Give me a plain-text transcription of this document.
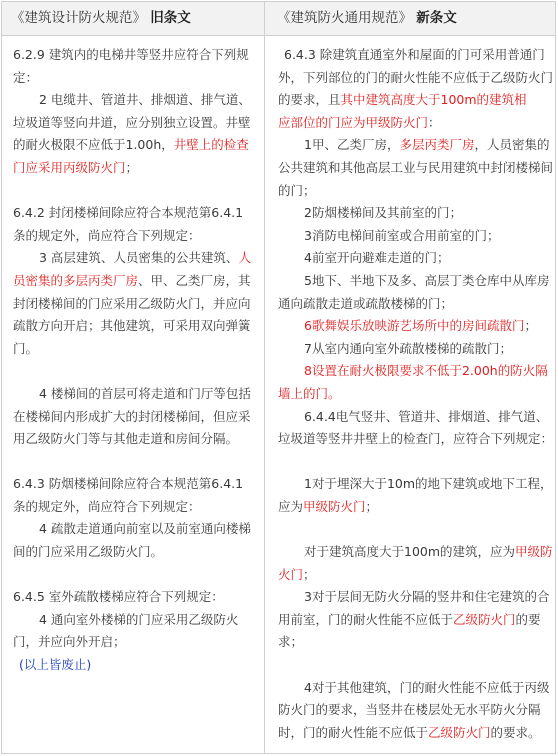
《建筑设计防火规范》 旧条文	《建筑防火通用规范》 新条文
6.2.9 建筑内的电梯井等竖井应符合下列规
定：
2 电缆井、管道井、排烟道、排气道、
垃圾道等竖向井道，应分别独立设置。井壁
的耐火极限不应低于1.00h，井壁上的检查
门应采用丙级防火门；
6.4.2 封闭楼梯间除应符合本规范第6.4.1
条的规定外，尚应符合下列规定：
3 高层建筑、人员密集的公共建筑、人
员密集的多层丙类厂房、甲、乙类厂房，其
封闭楼梯间的门应采用乙级防火门，并应向
疏散方向开启；其他建筑，可采用双向弹簧
门。
4 楼梯间的首层可将走道和门厅等包括
在楼梯间内形成扩大的封闭楼梯间，但应采
用乙级防火门等与其他走道和房间分隔。
6.4.3 防烟楼梯间除应符合本规范第6.4.1
条的规定外，尚应符合下列规定：
4 疏散走道通向前室以及前室通向楼梯
间的门应采用乙级防火门。
6.4.5 室外疏散楼梯应符合下列规定：
4 通向室外楼梯的门应采用乙级防火
门，并应向外开启；
(以上皆废止)
6.4.3 除建筑直通室外和屋面的门可采用普通门
外，下列部位的门的耐火性能不应低于乙级防火门
的要求，且其中建筑高度大于100m的建筑相
应部位的门应为甲级防火门：
1甲、乙类厂房，多层丙类厂房，人员密集的
公共建筑和其他高层工业与民用建筑中封闭楼梯间
的门；
2防烟楼梯间及其前室的门；
3消防电梯间前室或合用前室的门；
4前室开向避难走道的门；
5地下、半地下及多、高层丁类仓库中从库房
通向疏散走道或疏散楼梯的门；
6歌舞娱乐放映游艺场所中的房间疏散门；
7从室内通向室外疏散楼梯的疏散门；
8设置在耐火极限要求不低于2.00h的防火隔
墙上的门。
6.4.4电气竖井、管道井、排烟道、排气道、
垃圾道等竖井井壁上的检查门，应符合下列规定：
1对于埋深大于10m的地下建筑或地下工程，
应为甲级防火门；
对于建筑高度大于100m的建筑，应为甲级防
火门；
3对于层间无防火分隔的竖井和住宅建筑的合
用前室，门的耐火性能不应低于乙级防火门的要
求；
4对于其他建筑，门的耐火性能不应低于丙级
防火门的要求，当竖井在楼层处无水平防火分隔
时，门的耐火性能不应低于乙级防火门的要求。
